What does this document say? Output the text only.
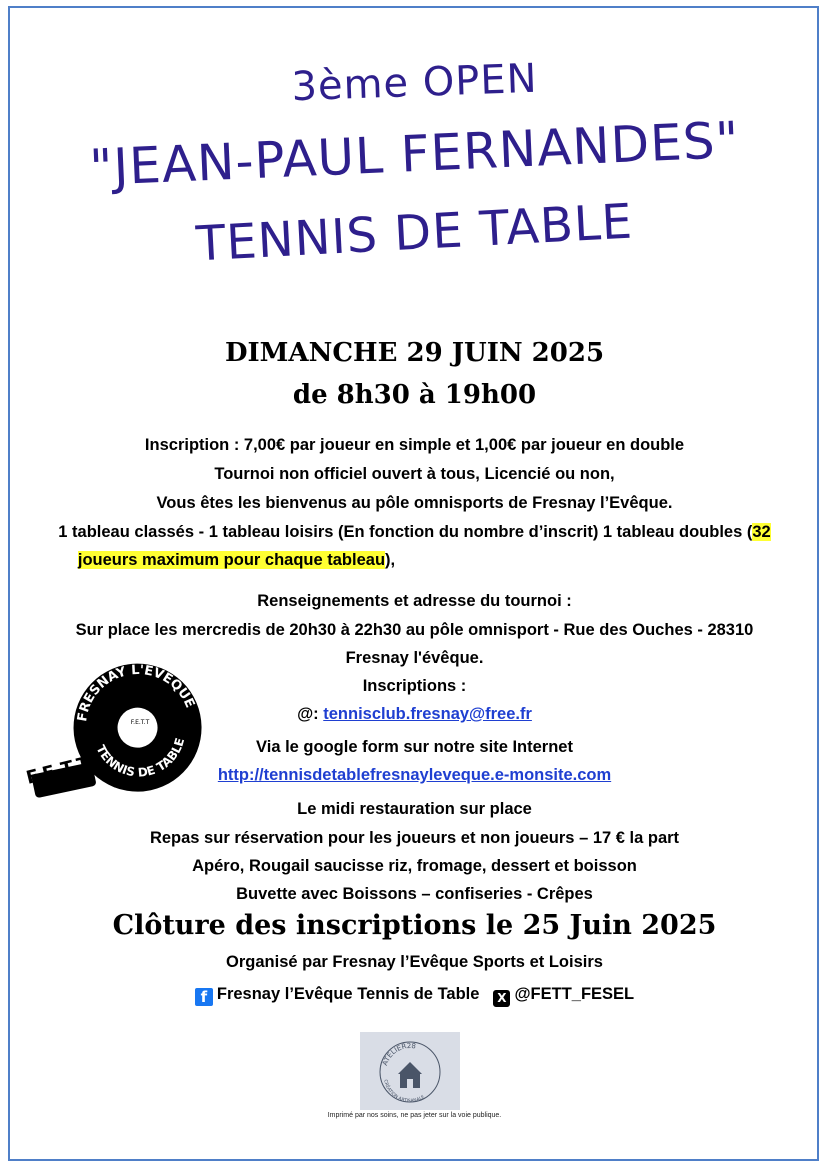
3ème OPEN
"JEAN-PAUL FERNANDES"
TENNIS DE TABLE
DIMANCHE 29 JUIN 2025
de 8h30 à 19h00
Inscription : 7,00€ par joueur en simple et 1,00€ par joueur en double
Tournoi non officiel ouvert à tous, Licencié ou non,
Vous êtes les bienvenus au pôle omnisports de Fresnay l’Evêque.
1 tableau classés - 1 tableau loisirs (En fonction du nombre d’inscrit) 1 tableau doubles (32
joueurs maximum pour chaque tableau),
Renseignements et adresse du tournoi :
Sur place les mercredis de 20h30 à 22h30 au pôle omnisport - Rue des Ouches - 28310
Fresnay l'évêque.
Inscriptions :
@: tennisclub.fresnay@free.fr
Via le google form sur notre site Internet
http://tennisdetablefresnayleveque.e-monsite.com
Le midi restauration sur place
Repas sur réservation pour les joueurs et non joueurs – 17 € la part
Apéro, Rougail saucisse riz, fromage, dessert et boisson
Buvette avec Boissons – confiseries - Crêpes
Clôture des inscriptions le 25 Juin 2025
Organisé par Fresnay l’Evêque Sports et Loisirs
f Fresnay l’Evêque Tennis de Table X @FETT_FESEL
FRESNAY L'EVEQUE
TENNIS DE TABLE
F.E.T.T
F.E.T.T
ATELIER28
CRÉATION ARTISANALE
Imprimé par nos soins, ne pas jeter sur la voie publique.
